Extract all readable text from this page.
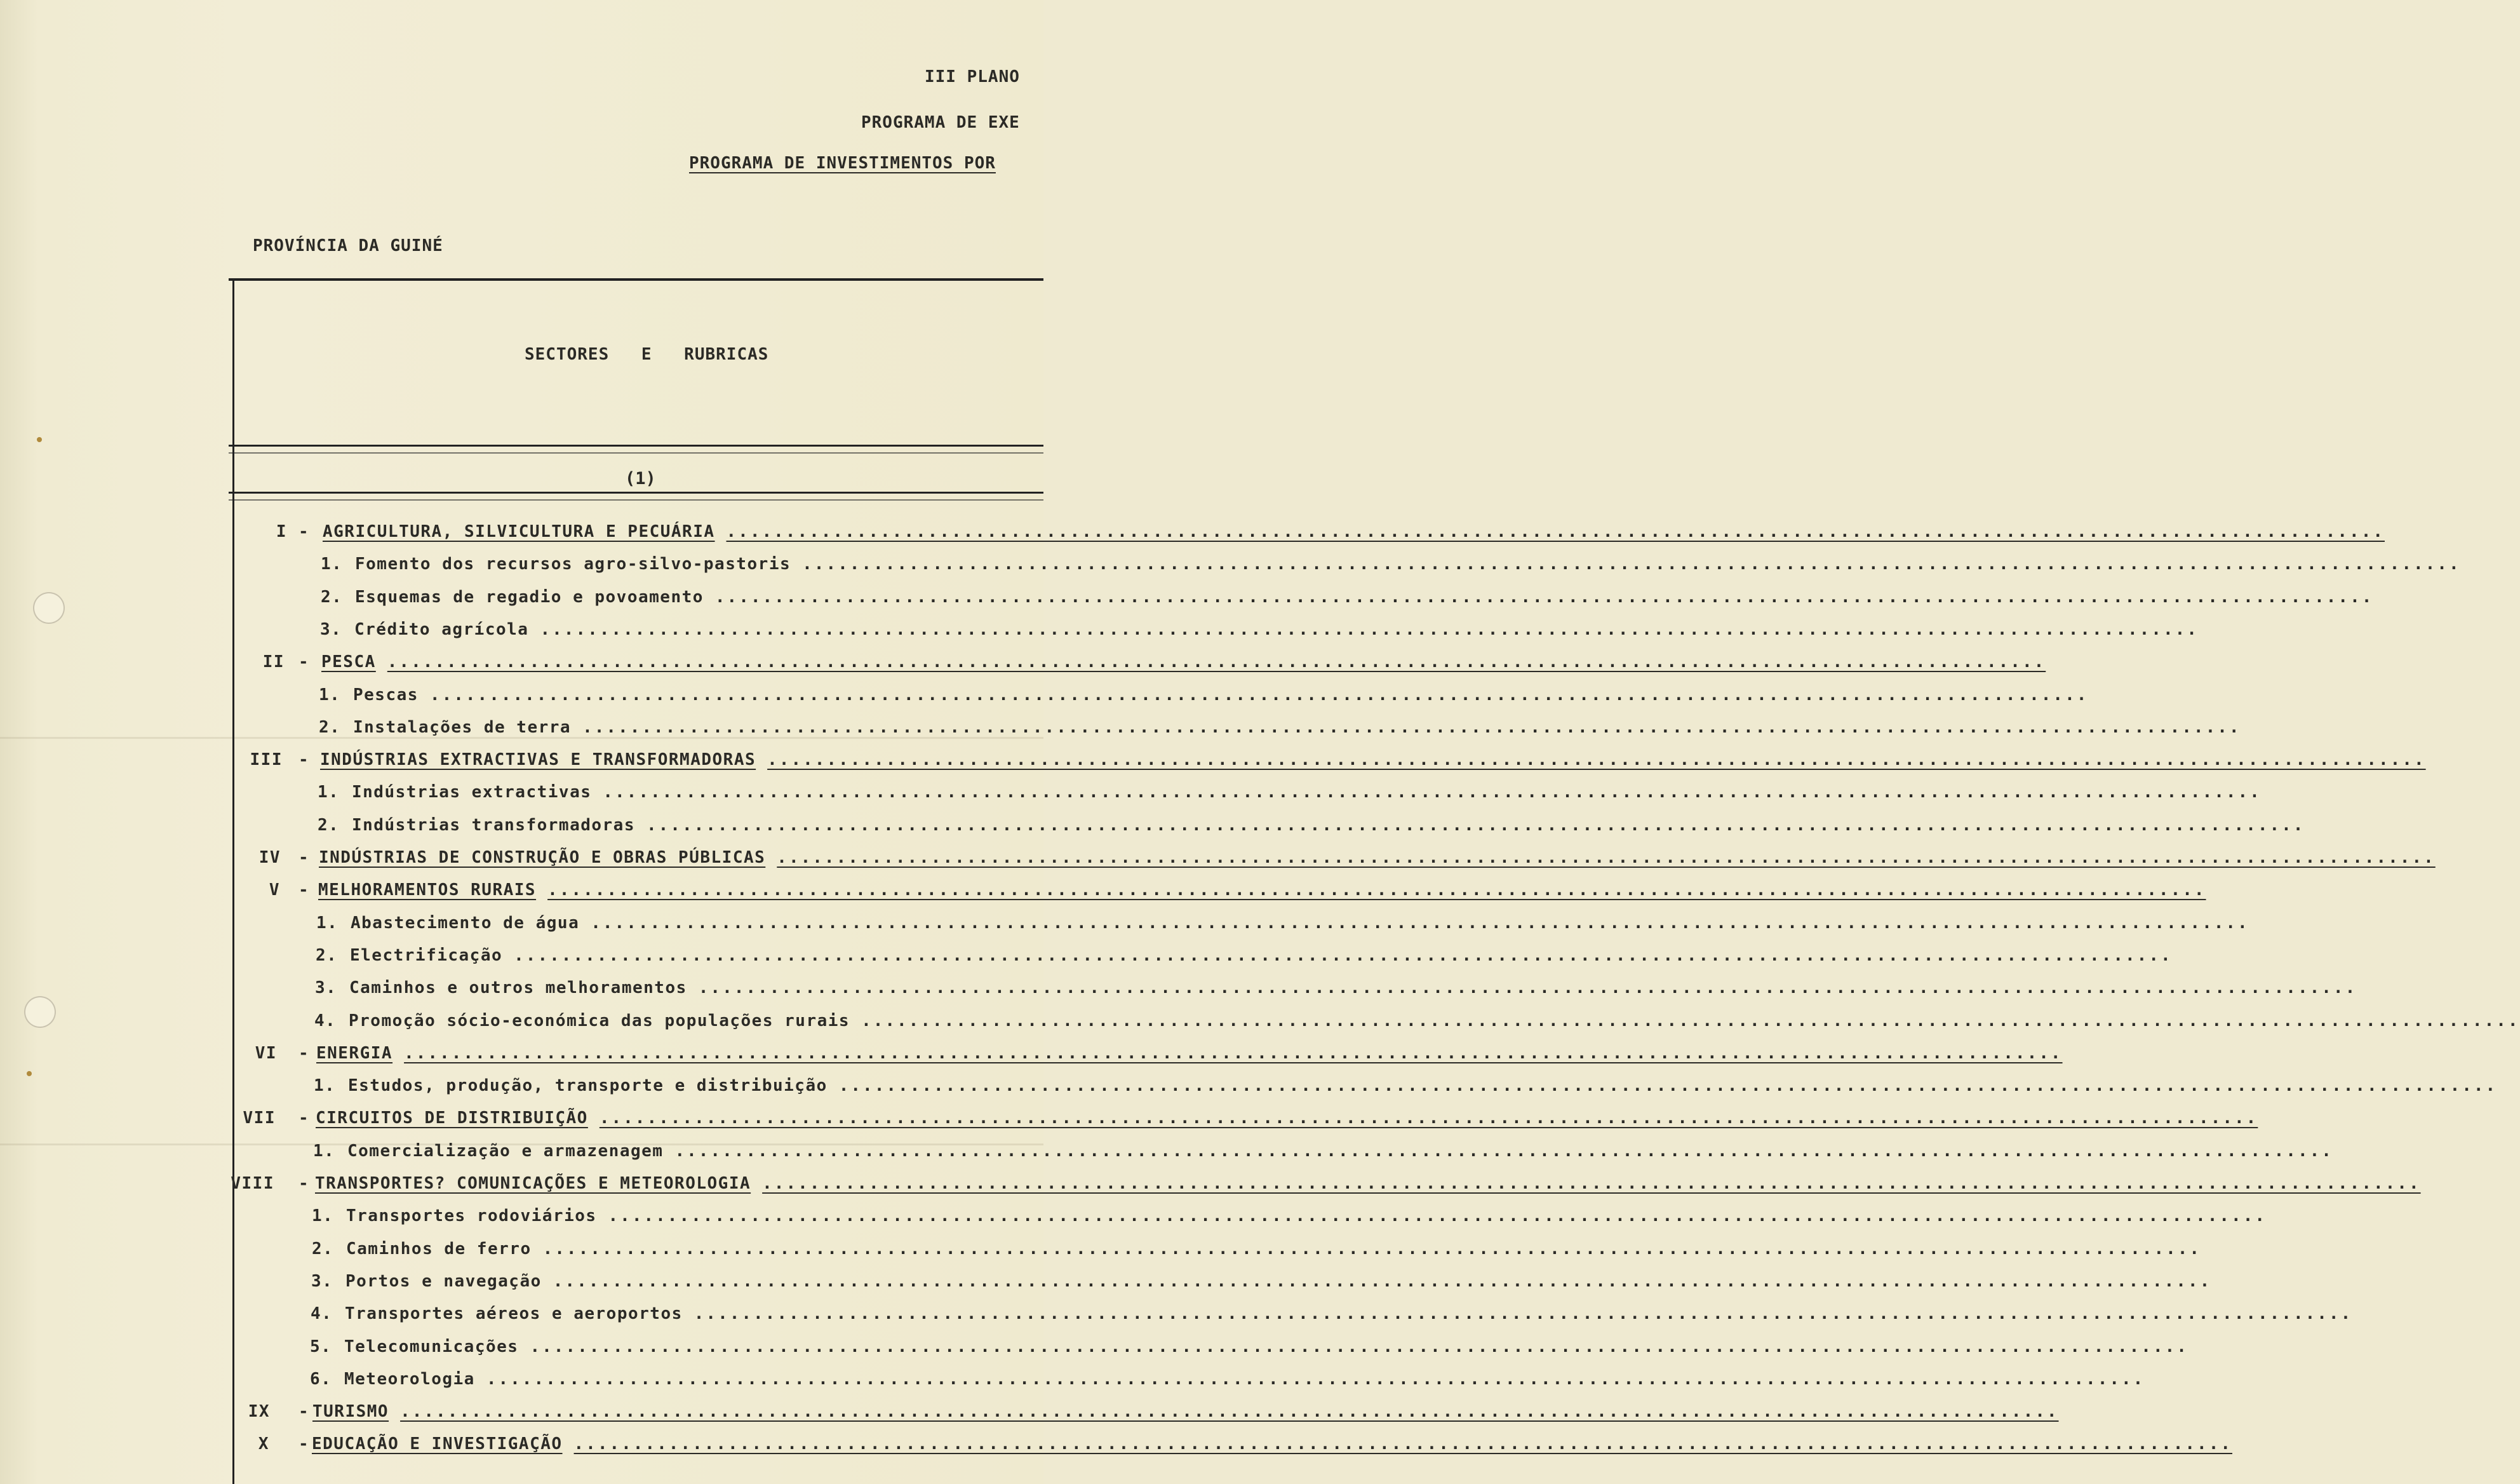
III PLANO
PROGRAMA DE EXE
PROGRAMA DE INVESTIMENTOS POR
PROVÍNCIA DA GUINÉ
SECTORES E RUBRICAS
(1)
I - AGRICULTURA, SILVICULTURA E PECUÁRIA ............................................................................................................................................
1. Fomento dos recursos agro-silvo-pastoris ............................................................................................................................................
2. Esquemas de regadio e povoamento ............................................................................................................................................
3. Crédito agrícola ............................................................................................................................................
II - PESCA ............................................................................................................................................
1. Pescas ............................................................................................................................................
2. Instalações de terra ............................................................................................................................................
III - INDÚSTRIAS EXTRACTIVAS E TRANSFORMADORAS ............................................................................................................................................
1. Indústrias extractivas ............................................................................................................................................
2. Indústrias transformadoras ............................................................................................................................................
IV - INDÚSTRIAS DE CONSTRUÇÃO E OBRAS PÚBLICAS ............................................................................................................................................
V - MELHORAMENTOS RURAIS ............................................................................................................................................
1. Abastecimento de água ............................................................................................................................................
2. Electrificação ............................................................................................................................................
3. Caminhos e outros melhoramentos ............................................................................................................................................
4. Promoção sócio-económica das populações rurais ............................................................................................................................................
VI - ENERGIA ............................................................................................................................................
1. Estudos, produção, transporte e distribuição ............................................................................................................................................
VII - CIRCUITOS DE DISTRIBUIÇÃO ............................................................................................................................................
1. Comercialização e armazenagem ............................................................................................................................................
VIII - TRANSPORTES? COMUNICAÇÕES E METEOROLOGIA ............................................................................................................................................
1. Transportes rodoviários ............................................................................................................................................
2. Caminhos de ferro ............................................................................................................................................
3. Portos e navegação ............................................................................................................................................
4. Transportes aéreos e aeroportos ............................................................................................................................................
5. Telecomunicações ............................................................................................................................................
6. Meteorologia ............................................................................................................................................
IX - TURISMO ............................................................................................................................................
X - EDUCAÇÃO E INVESTIGAÇÃO ............................................................................................................................................
